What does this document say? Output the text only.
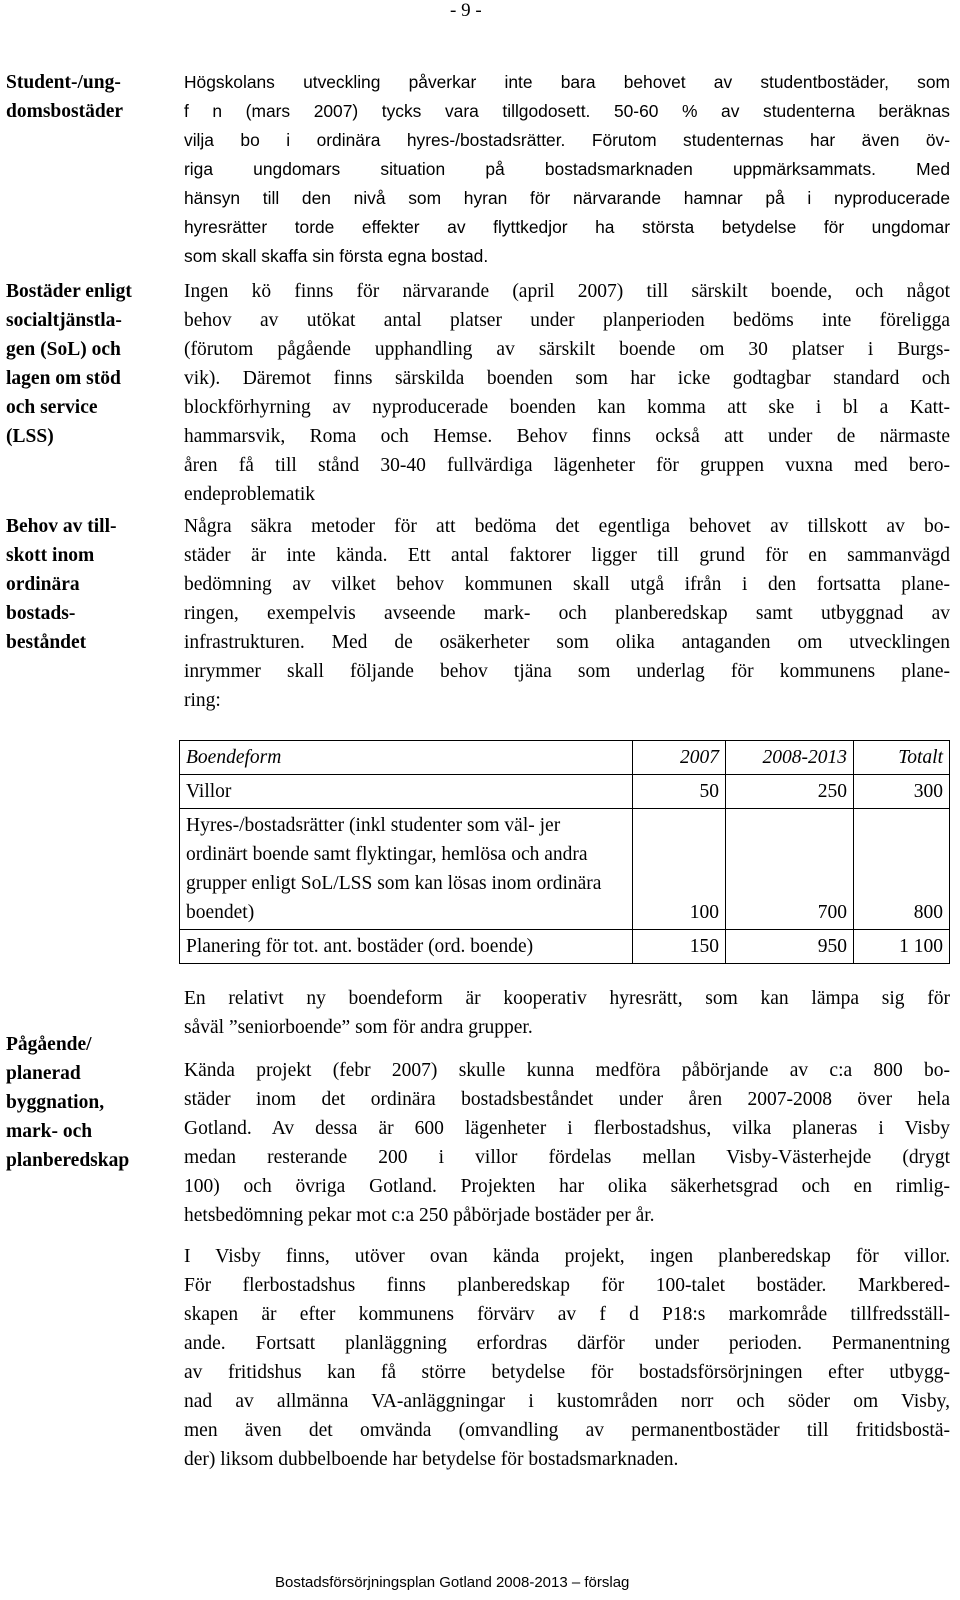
- 9 -
Student-/ung-
domsbostäder
Bostäder enligt
socialtjänstla-
gen (SoL) och
lagen om stöd
och service
(LSS)
Behov av till-
skott inom
ordinära
bostads-
beståndet
Pågående/
planerad
byggnation,
mark- och
planberedskap
Högskolans utveckling påverkar inte bara behovet av studentbostäder, som
f n (mars 2007) tycks vara tillgodosett. 50-60 % av studenterna beräknas
vilja bo i ordinära hyres-/bostadsrätter. Förutom studenternas har även öv-
riga ungdomars situation på bostadsmarknaden uppmärksammats. Med
hänsyn till den nivå som hyran för närvarande hamnar på i nyproducerade
hyresrätter torde effekter av flyttkedjor ha största betydelse för ungdomar
som skall skaffa sin första egna bostad.
Ingen kö finns för närvarande (april 2007) till särskilt boende, och något
behov av utökat antal platser under planperioden bedöms inte föreligga
(förutom pågående upphandling av särskilt boende om 30 platser i Burgs-
vik). Däremot finns särskilda boenden som har icke godtagbar standard och
blockförhyrning av nyproducerade boenden kan komma att ske i bl a Katt-
hammarsvik, Roma och Hemse. Behov finns också att under de närmaste
åren få till stånd 30-40 fullvärdiga lägenheter för gruppen vuxna med bero-
endeproblematik
Några säkra metoder för att bedöma det egentliga behovet av tillskott av bo-
städer är inte kända. Ett antal faktorer ligger till grund för en sammanvägd
bedömning av vilket behov kommunen skall utgå ifrån i den fortsatta plane-
ringen, exempelvis avseende mark- och planberedskap samt utbyggnad av
infrastrukturen. Med de osäkerheter som olika antaganden om utvecklingen
inrymmer skall följande behov tjäna som underlag för kommunens plane-
ring:
Boendeform	2007	2008-2013	Totalt
Villor	50	250	300
Hyres-/bostadsrätter (inkl studenter som väl- jer ordinärt boende samt flyktingar, hemlösa och andra grupper enligt SoL/LSS som kan lösas inom ordinära boendet)	100	700	800
Planering för tot. ant. bostäder (ord. boende)	150	950	1 100
En relativt ny boendeform är kooperativ hyresrätt, som kan lämpa sig för
såväl ”seniorboende” som för andra grupper.
Kända projekt (febr 2007) skulle kunna medföra påbörjande av c:a 800 bo-
städer inom det ordinära bostadsbeståndet under åren 2007-2008 över hela
Gotland. Av dessa är 600 lägenheter i flerbostadshus, vilka planeras i Visby
medan resterande 200 i villor fördelas mellan Visby-Västerhejde (drygt
100) och övriga Gotland. Projekten har olika säkerhetsgrad och en rimlig-
hetsbedömning pekar mot c:a 250 påbörjade bostäder per år.
I Visby finns, utöver ovan kända projekt, ingen planberedskap för villor.
För flerbostadshus finns planberedskap för 100-talet bostäder. Markbered-
skapen är efter kommunens förvärv av f d P18:s markområde tillfredsställ-
ande. Fortsatt planläggning erfordras därför under perioden. Permanentning
av fritidshus kan få större betydelse för bostadsförsörjningen efter utbygg-
nad av allmänna VA-anläggningar i kustområden norr och söder om Visby,
men även det omvända (omvandling av permanentbostäder till fritidsbostä-
der) liksom dubbelboende har betydelse för bostadsmarknaden.
Bostadsförsörjningsplan Gotland 2008-2013 – förslag
